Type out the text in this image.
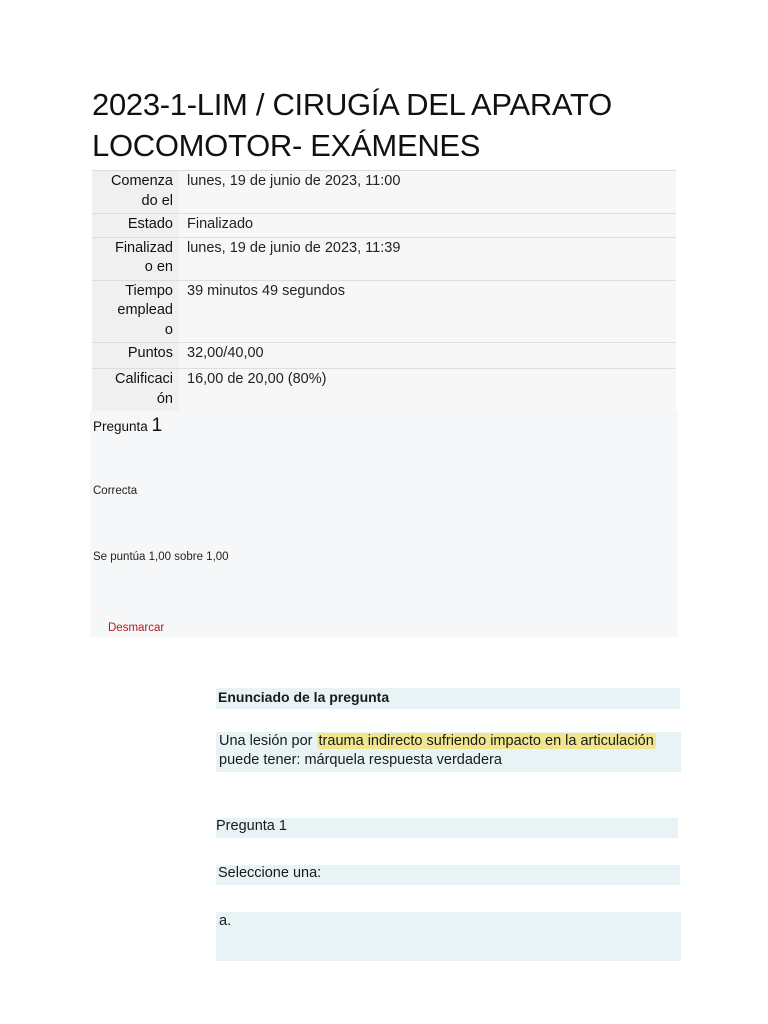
2023-1-LIM / CIRUGÍA DEL APARATO LOCOMOTOR- EXÁMENES
Comenza
do el	lunes, 19 de junio de 2023, 11:00
Estado	Finalizado
Finalizad
o en	lunes, 19 de junio de 2023, 11:39
Tiempo
emplead
o	39 minutos 49 segundos
Puntos	32,00/40,00
Calificaci
ón	16,00 de 20,00 (80%)
Pregunta 1
Correcta
Se puntúa 1,00 sobre 1,00
Desmarcar
Enunciado de la pregunta
Una lesión por trauma indirecto sufriendo impacto en la articulación
puede tener: márquela respuesta verdadera
Pregunta 1
Seleccione una:
a.
